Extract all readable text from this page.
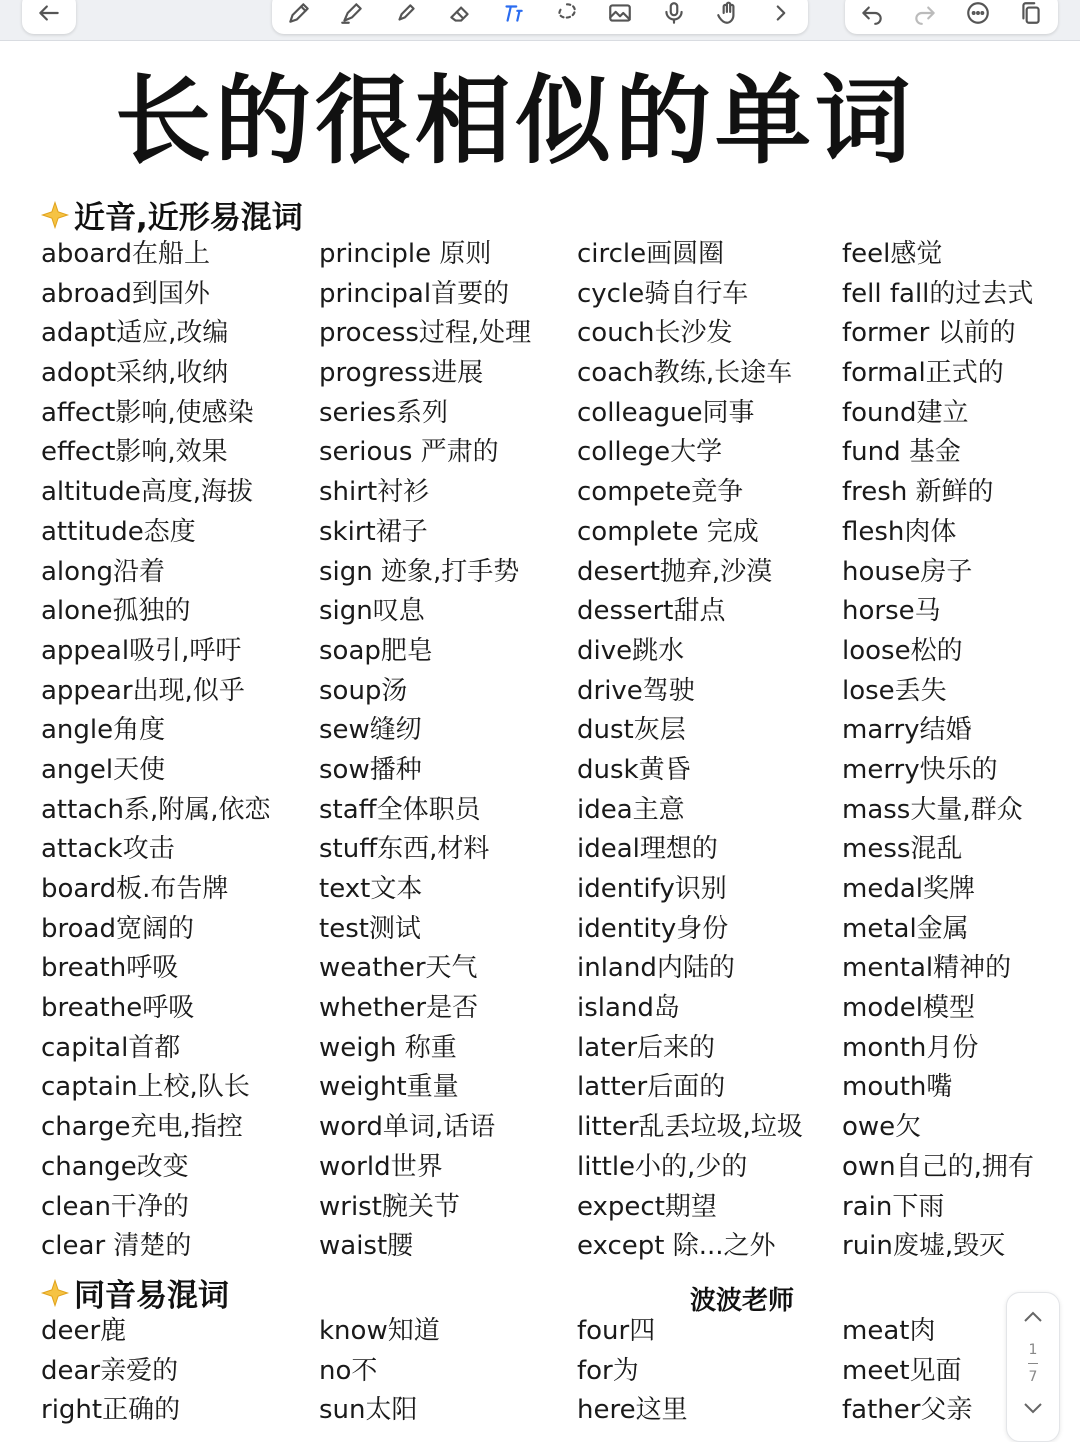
长的很相似的单词
近音,近形易混词
aboard在船上
abroad到国外
adapt适应,改编
adopt采纳,收纳
affect影响,使感染
effect影响,效果
altitude高度,海拔
attitude态度
along沿着
alone孤独的
appeal吸引,呼吁
appear出现,似乎
angle角度
angel天使
attach系,附属,依恋
attack攻击
board板.布告牌
broad宽阔的
breath呼吸
breathe呼吸
capital首都
captain上校,队长
charge充电,指控
change改变
clean干净的
clear 清楚的
principle 原则
principal首要的
process过程,处理
progress进展
series系列
serious 严肃的
shirt衬衫
skirt裙子
sign 迹象,打手势
sign叹息
soap肥皂
soup汤
sew缝纫
sow播种
staff全体职员
stuff东西,材料
text文本
test测试
weather天气
whether是否
weigh 称重
weight重量
word单词,话语
world世界
wrist腕关节
waist腰
circle画圆圈
cycle骑自行车
couch长沙发
coach教练,长途车
colleague同事
college大学
compete竞争
complete 完成
desert抛弃,沙漠
dessert甜点
dive跳水
drive驾驶
dust灰层
dusk黄昏
idea主意
ideal理想的
identify识别
identity身份
inland内陆的
island岛
later后来的
latter后面的
litter乱丢垃圾,垃圾
little小的,少的
expect期望
except 除...之外
feel感觉
fell fall的过去式
former 以前的
formal正式的
found建立
fund 基金
fresh 新鲜的
flesh肉体
house房子
horse马
loose松的
lose丢失
marry结婚
merry快乐的
mass大量,群众
mess混乱
medal奖牌
metal金属
mental精神的
model模型
month月份
mouth嘴
owe欠
own自己的,拥有
rain下雨
ruin废墟,毁灭
同音易混词	波波老师
deer鹿
dear亲爱的
right正确的
know知道
no不
sun太阳
four四
for为
here这里
meat肉
meet见面
father父亲
1
7
